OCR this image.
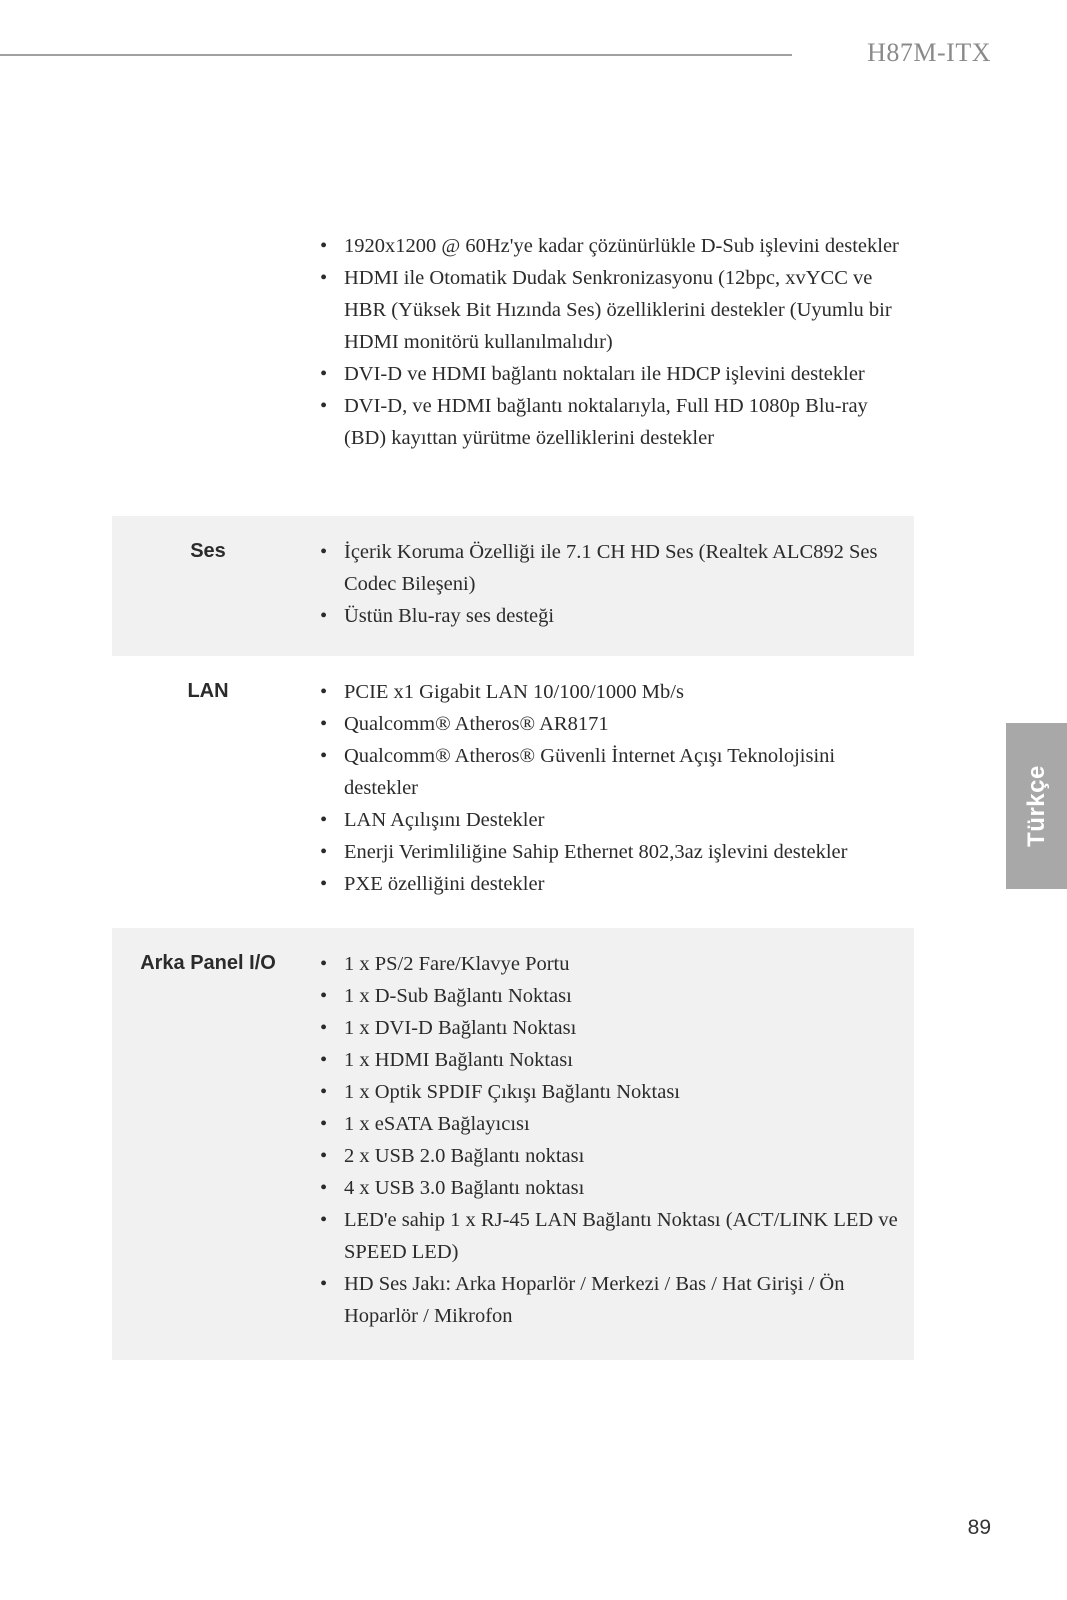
H87M-ITX
• 1920x1200 @ 60Hz'ye kadar çözünürlükle D-Sub işlevini destekler
• HDMI ile Otomatik Dudak Senkronizasyonu (12bpc, xvYCC ve HBR (Yüksek Bit Hızında Ses) özelliklerini destekler (Uyumlu bir HDMI monitörü kullanılmalıdır)
• DVI-D ve HDMI bağlantı noktaları ile HDCP işlevini destekler
• DVI-D, ve HDMI bağlantı noktalarıyla, Full HD 1080p Blu-ray (BD) kayıttan yürütme özelliklerini destekler
Ses	• İçerik Koruma Özelliği ile 7.1 CH HD Ses (Realtek ALC892 Ses Codec Bileşeni)
• Üstün Blu-ray ses desteği
LAN	• PCIE x1 Gigabit LAN 10/100/1000 Mb/s
• Qualcomm® Atheros® AR8171
• Qualcomm® Atheros® Güvenli İnternet Açışı Teknolojisini destekler
• LAN Açılışını Destekler
• Enerji Verimliliğine Sahip Ethernet 802,3az işlevini destekler
• PXE özelliğini destekler
Arka Panel I/O	• 1 x PS/2 Fare/Klavye Portu
• 1 x D-Sub Bağlantı Noktası
• 1 x DVI-D Bağlantı Noktası
• 1 x HDMI Bağlantı Noktası
• 1 x Optik SPDIF Çıkışı Bağlantı Noktası
• 1 x eSATA Bağlayıcısı
• 2 x USB 2.0 Bağlantı noktası
• 4 x USB 3.0 Bağlantı noktası
• LED'e sahip 1 x RJ-45 LAN Bağlantı Noktası (ACT/LINK LED ve SPEED LED)
• HD Ses Jakı: Arka Hoparlör / Merkezi / Bas / Hat Girişi / Ön Hoparlör / Mikrofon
Türkçe
89
